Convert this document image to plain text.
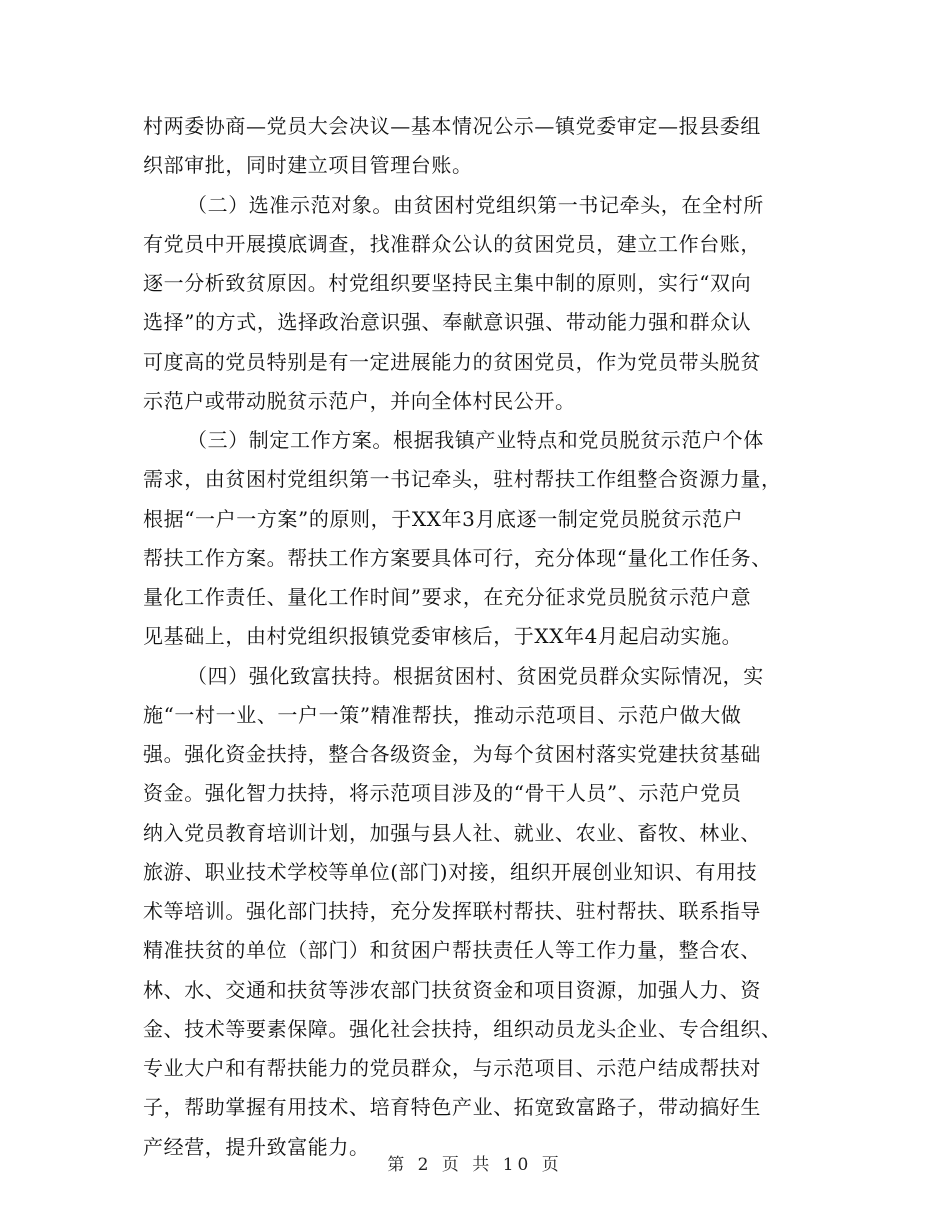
村两委协商—党员大会决议—基本情况公示—镇党委审定—报县委组
织部审批，同时建立项目管理台账。
（二）选准示范对象。由贫困村党组织第一书记牵头，在全村所
有党员中开展摸底调查，找准群众公认的贫困党员，建立工作台账，
逐一分析致贫原因。村党组织要坚持民主集中制的原则，实行“双向
选择”的方式，选择政治意识强、奉献意识强、带动能力强和群众认
可度高的党员特别是有一定进展能力的贫困党员，作为党员带头脱贫
示范户或带动脱贫示范户，并向全体村民公开。
（三）制定工作方案。根据我镇产业特点和党员脱贫示范户个体
需求，由贫困村党组织第一书记牵头，驻村帮扶工作组整合资源力量，
根据“一户一方案”的原则，于XX年3月底逐一制定党员脱贫示范户
帮扶工作方案。帮扶工作方案要具体可行，充分体现“量化工作任务、
量化工作责任、量化工作时间”要求，在充分征求党员脱贫示范户意
见基础上，由村党组织报镇党委审核后，于XX年4月起启动实施。
（四）强化致富扶持。根据贫困村、贫困党员群众实际情况，实
施“一村一业、一户一策”精准帮扶，推动示范项目、示范户做大做
强。强化资金扶持，整合各级资金，为每个贫困村落实党建扶贫基础
资金。强化智力扶持，将示范项目涉及的“骨干人员”、示范户党员
纳入党员教育培训计划，加强与县人社、就业、农业、畜牧、林业、
旅游、职业技术学校等单位(部门)对接，组织开展创业知识、有用技
术等培训。强化部门扶持，充分发挥联村帮扶、驻村帮扶、联系指导
精准扶贫的单位（部门）和贫困户帮扶责任人等工作力量，整合农、
林、水、交通和扶贫等涉农部门扶贫资金和项目资源，加强人力、资
金、技术等要素保障。强化社会扶持，组织动员龙头企业、专合组织、
专业大户和有帮扶能力的党员群众，与示范项目、示范户结成帮扶对
子，帮助掌握有用技术、培育特色产业、拓宽致富路子，带动搞好生
产经营，提升致富能力。
第 2 页 共 10 页
